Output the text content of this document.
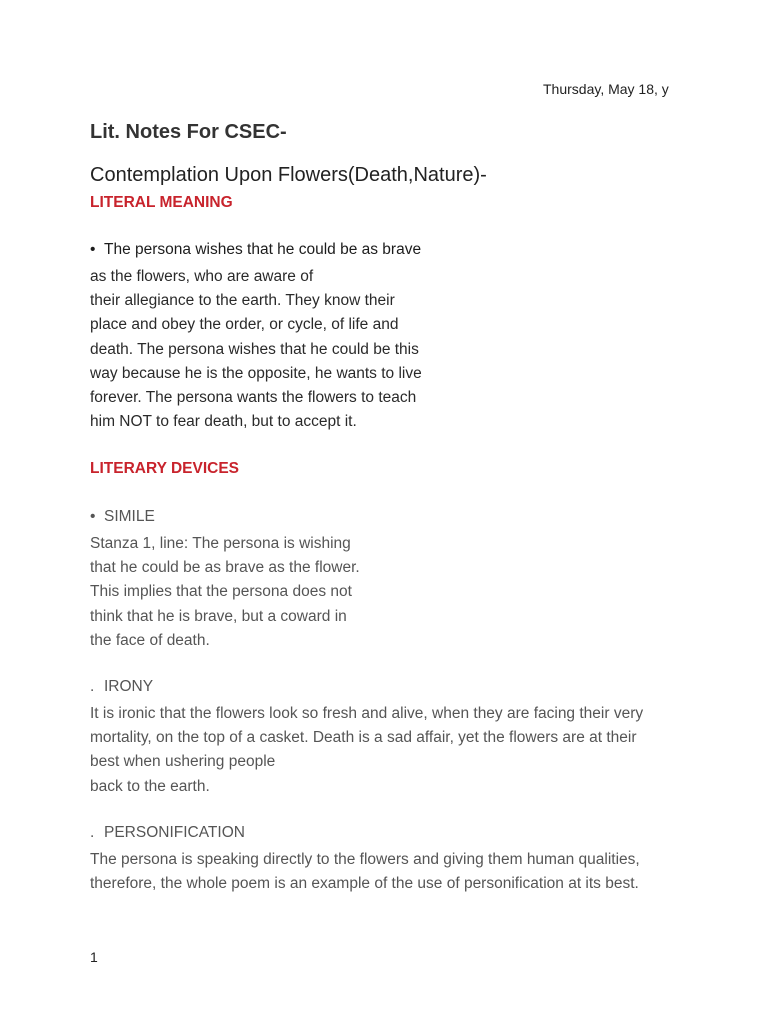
Thursday, May 18, y
Lit. Notes For CSEC-
Contemplation Upon Flowers(Death,Nature)-
LITERAL MEANING
• The persona wishes that he could be as brave
as the flowers, who are aware of
their allegiance to the earth. They know their
place and obey the order, or cycle, of life and
death. The persona wishes that he could be this
way because he is the opposite, he wants to live
forever. The persona wants the flowers to teach
him NOT to fear death, but to accept it.
LITERARY DEVICES
• SIMILE
Stanza 1, line: The persona is wishing
that he could be as brave as the flower.
This implies that the persona does not
think that he is brave, but a coward in
the face of death.
. IRONY
It is ironic that the flowers look so fresh and alive, when they are facing their very
mortality, on the top of a casket. Death is a sad affair, yet the flowers are at their
best when ushering people
back to the earth.
. PERSONIFICATION
The persona is speaking directly to the flowers and giving them human qualities,
therefore, the whole poem is an example of the use of personification at its best.
1
